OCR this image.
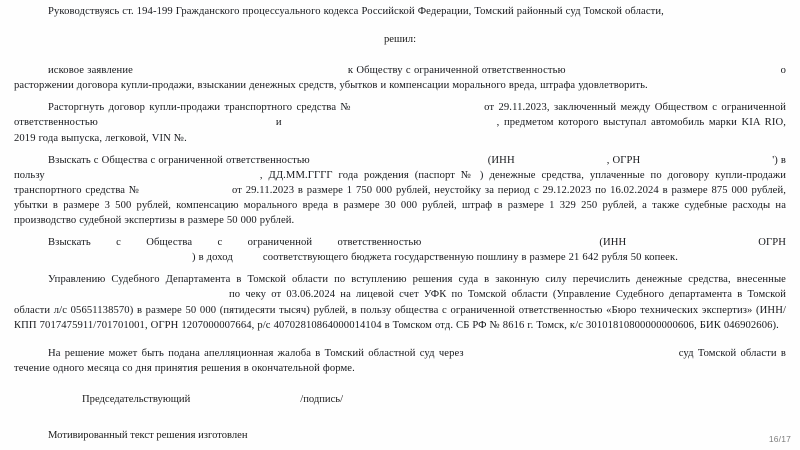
Руководствуясь ст. 194-199 Гражданского процессуального кодекса Российской Федерации, Томский районный суд Томской области,

решил:

исковое заявление	к Обществу с ограниченной ответственностью	о расторжении договора купли-продажи, взыскании денежных средств, убытков и компенсации морального вреда, штрафа удовлетворить.

Расторгнуть договор купли-продажи транспортного средства №	от 29.11.2023, заключенный между Обществом с ограниченной ответственностью	и	, предметом которого выступал автомобиль марки KIA RIO, 2019 года выпуска, легковой, VIN №.

Взыскать с Общества с ограниченной ответственностью	(ИНН	, ОГРН	') в пользу	, ДД.ММ.ГГГГ года рождения (паспорт № ) денежные средства, уплаченные по договору купли-продажи транспортного средства №	от 29.11.2023 в размере 1 750 000 рублей, неустойку за период с 29.12.2023 по 16.02.2024 в размере 875 000 рублей, убытки в размере 3 500 рублей, компенсацию морального вреда в размере 30 000 рублей, штраф в размере 1 329 250 рублей, а также судебные расходы на производство судебной экспертизы в размере 50 000 рублей.

Взыскать с Общества с ограниченной ответственностью	(ИНН	ОГРН ) в доход	соответствующего бюджета государственную пошлину в размере 21 642 рубля 50 копеек.

Управлению Судебного Департамента в Томской области по вступлению решения суда в законную силу перечислить денежные средства, внесенные по чеку от 03.06.2024 на лицевой счет УФК по Томской области (Управление Судебного департамента в Томской области л/с 05651138570) в размере 50 000 (пятидесяти тысяч) рублей, в пользу общества с ограниченной ответственностью «Бюро технических экспертиз» (ИНН/КПП 7017475911/701701001, ОГРН 1207000007664, р/с 40702810864000014104 в Томском отд. СБ РФ № 8616 г. Томск, к/с 30101810800000000606, БИК 046902606).

На решение может быть подана апелляционная жалоба в Томский областной суд через	суд Томской области в течение одного месяца со дня принятия решения в окончательной форме.

Председательствующий	/подпись/

Мотивированный текст решения изготовлен	16/17
